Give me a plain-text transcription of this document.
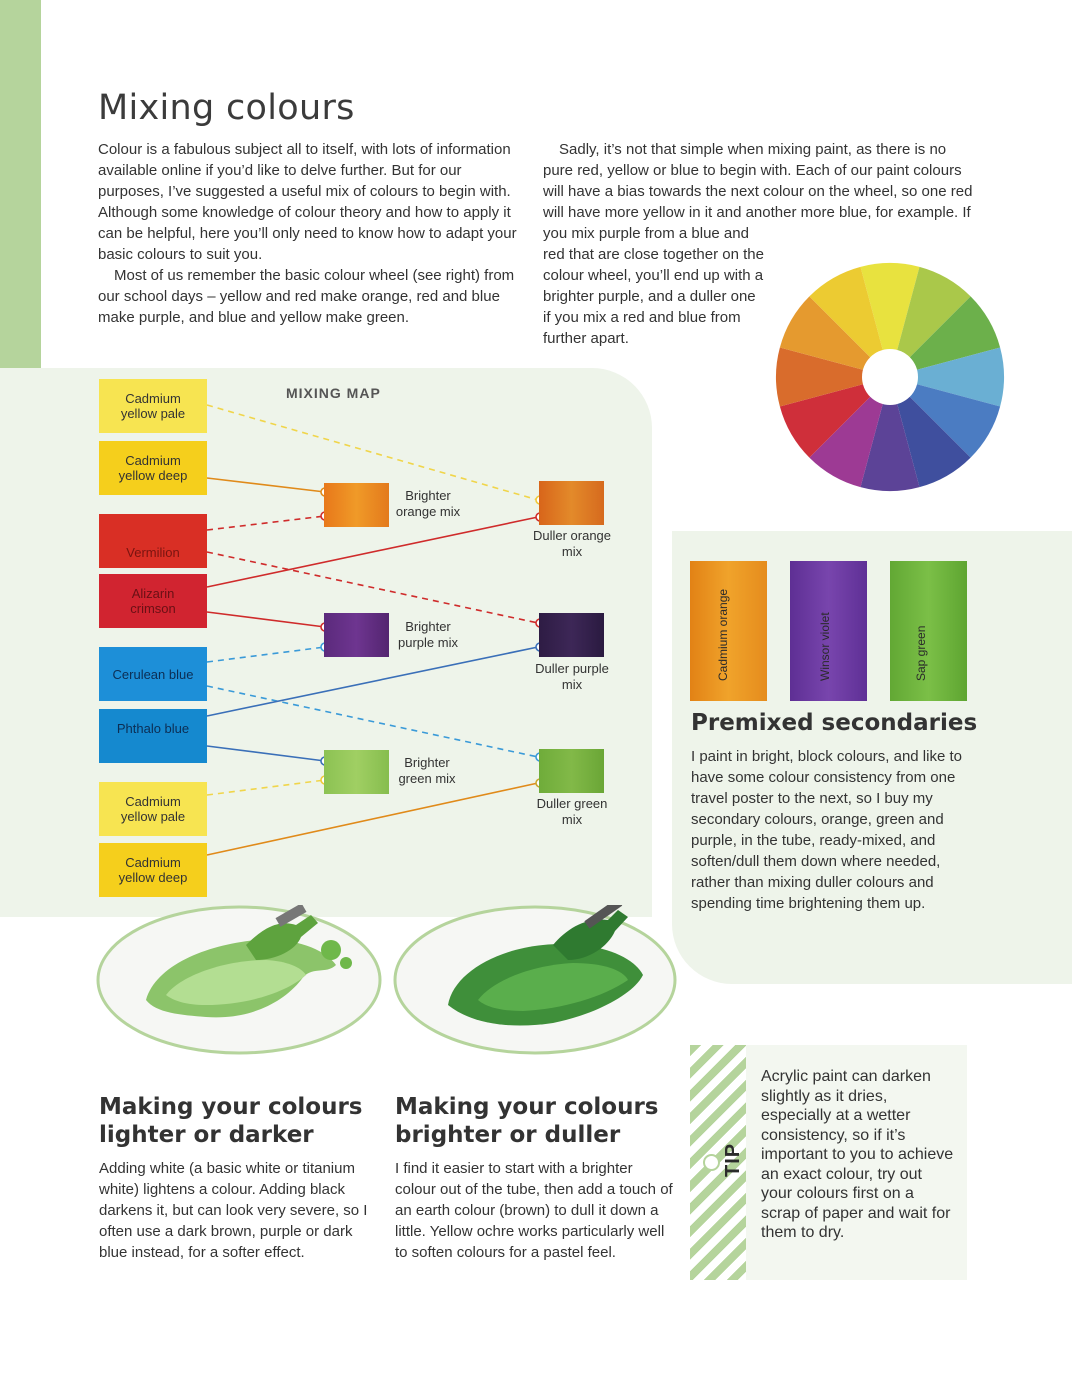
Mixing colours

Colour is a fabulous subject all to itself, with lots of information available online if you’d like to delve further. But for our purposes, I’ve suggested a useful mix of colours to begin with. Although some knowledge of colour theory and how to apply it can be helpful, here you’ll only need to know how to adapt your basic colours to suit you.

Most of us remember the basic colour wheel (see right) from our school days – yellow and red make orange, red and blue make purple, and blue and yellow make green.

Sadly, it’s not that simple when mixing paint, as there is no pure red, yellow or blue to begin with. Each of our paint colours will have a bias towards the next colour on the wheel, so one red will have more yellow in it and another more blue, for example. If you mix purple from a blue and

red that are close together on the

colour wheel, you’ll end up with a

brighter purple, and a duller one

if you mix a red and blue from

further apart.

MIXING MAP
Cadmium yellow pale
Cadmium yellow deep
Vermilion
Alizarin crimson
Cerulean blue
Phthalo blue
Cadmium yellow pale
Cadmium yellow deep
Brighter orange mix
Duller orange mix
Brighter purple mix
Duller purple mix
Brighter green mix
Duller green mix
Cadmium orange	Winsor violet	Sap green
Premixed secondaries
I paint in bright, block colours, and like to have some colour consistency from one travel poster to the next, so I buy my secondary colours, orange, green and purple, in the tube, ready-mixed, and soften/dull them down where needed, rather than mixing duller colours and spending time brightening them up.
Making your colours
lighter or darker
Adding white (a basic white or titanium white) lightens a colour. Adding black darkens it, but can look very severe, so I often use a dark brown, purple or dark blue instead, for a softer effect.
Making your colours
brighter or duller
I find it easier to start with a brighter colour out of the tube, then add a touch of an earth colour (brown) to dull it down a little. Yellow ochre works particularly well to soften colours for a pastel feel.
TIP
Acrylic paint can darken slightly as it dries, especially at a wetter consistency, so if it’s important to you to achieve an exact colour, try out your colours first on a scrap of paper and wait for them to dry.
